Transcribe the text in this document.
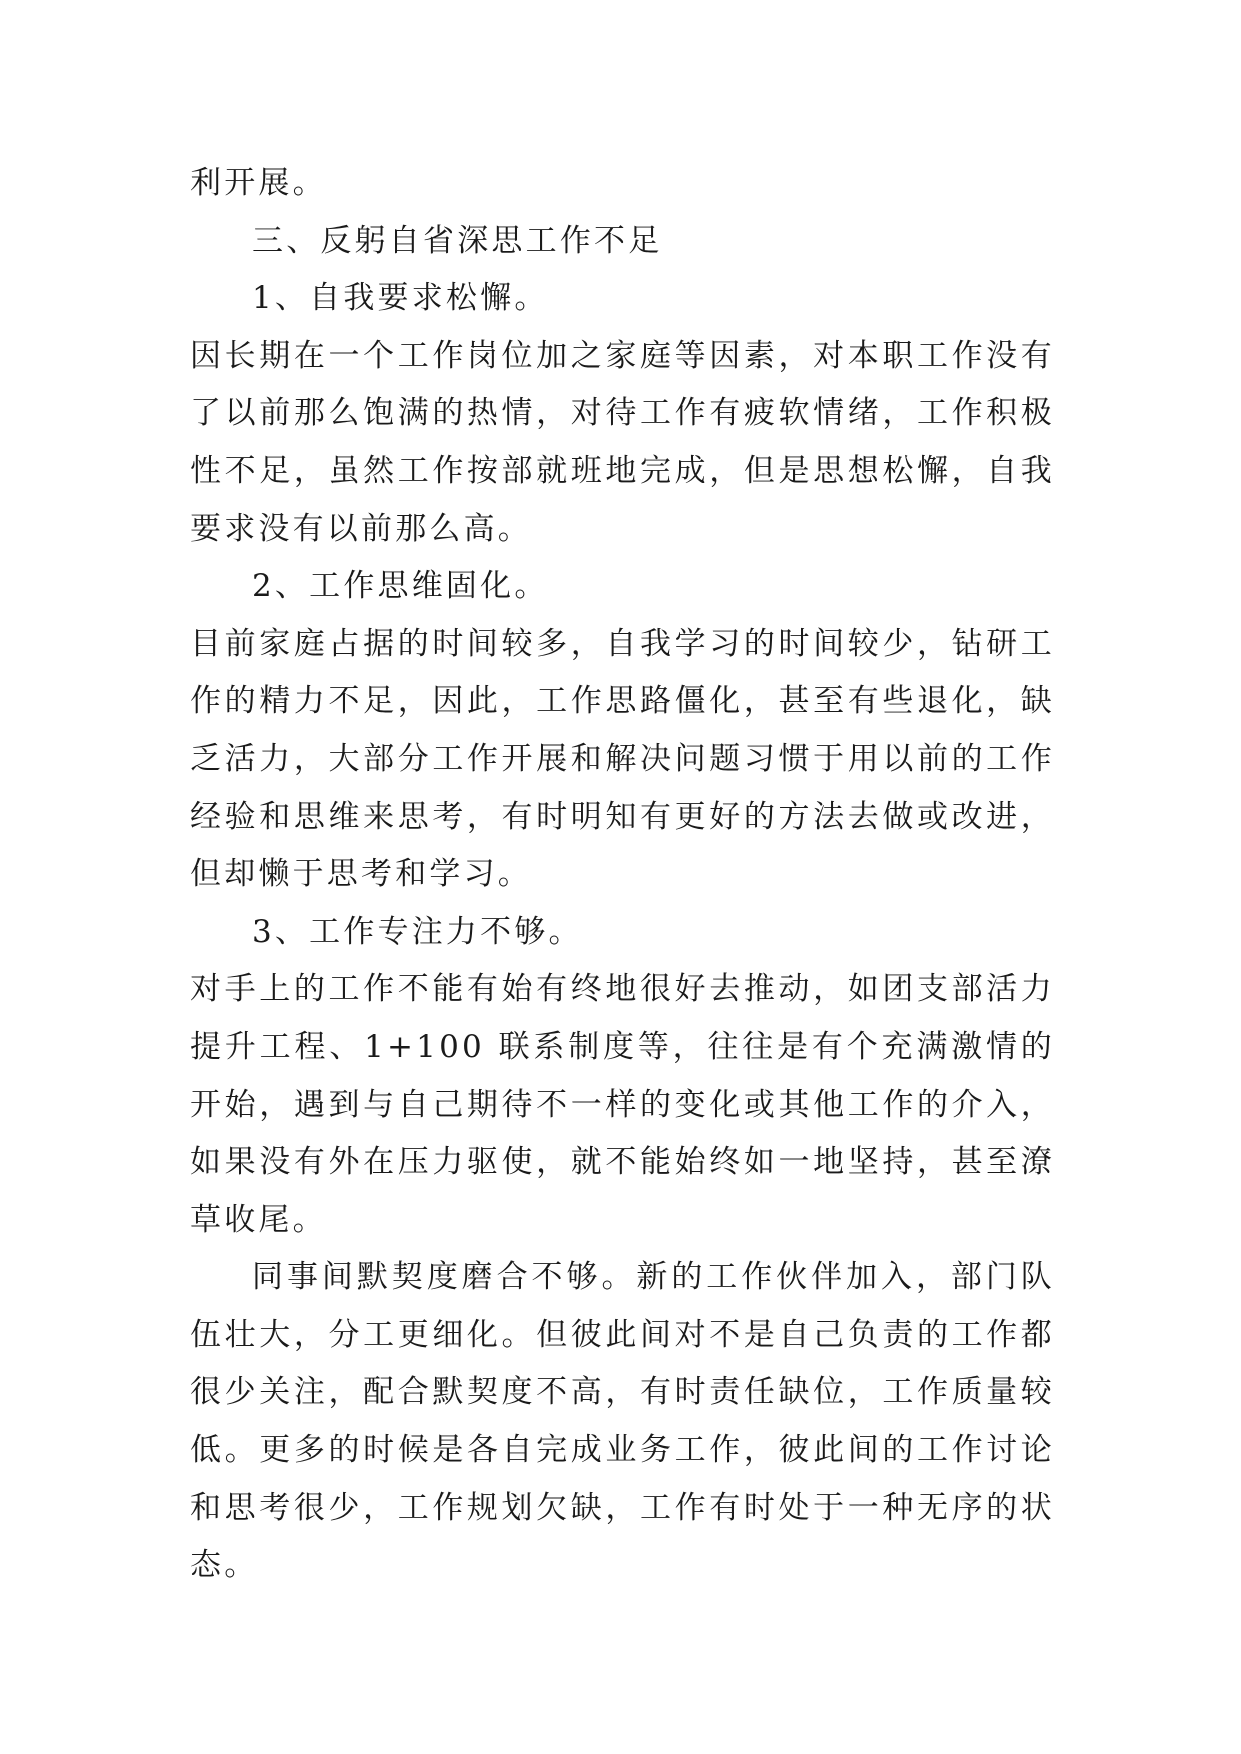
利开展。

三、反躬自省深思工作不足

1、自我要求松懈。

因长期在一个工作岗位加之家庭等因素，对本职工作没有了以前那么饱满的热情，对待工作有疲软情绪，工作积极性不足，虽然工作按部就班地完成，但是思想松懈，自我要求没有以前那么高。

2、工作思维固化。

目前家庭占据的时间较多，自我学习的时间较少，钻研工作的精力不足，因此，工作思路僵化，甚至有些退化，缺乏活力，大部分工作开展和解决问题习惯于用以前的工作经验和思维来思考，有时明知有更好的方法去做或改进，但却懒于思考和学习。

3、工作专注力不够。

对手上的工作不能有始有终地很好去推动，如团支部活力提升工程、1+100 联系制度等，往往是有个充满激情的开始，遇到与自己期待不一样的变化或其他工作的介入，如果没有外在压力驱使，就不能始终如一地坚持，甚至潦草收尾。

同事间默契度磨合不够。新的工作伙伴加入，部门队伍壮大，分工更细化。但彼此间对不是自己负责的工作都很少关注，配合默契度不高，有时责任缺位，工作质量较低。更多的时候是各自完成业务工作，彼此间的工作讨论和思考很少，工作规划欠缺，工作有时处于一种无序的状态。
